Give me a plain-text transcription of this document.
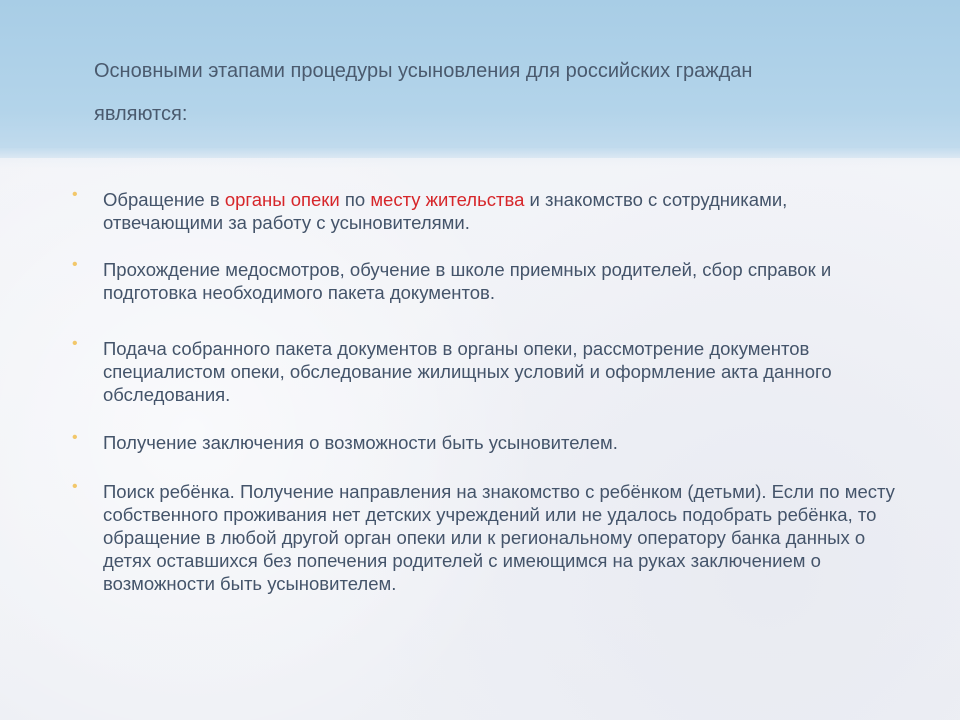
Основными этапами процедуры усыновления для российских граждан являются:
• Обращение в органы опеки по месту жительства и знакомство с сотрудниками, отвечающими за работу с усыновителями.
• Прохождение медосмотров, обучение в школе приемных родителей, сбор справок и подготовка необходимого пакета документов.
• Подача собранного пакета документов в органы опеки, рассмотрение документов специалистом опеки, обследование жилищных условий и оформление акта данного обследования.
• Получение заключения о возможности быть усыновителем.
• Поиск ребёнка. Получение направления на знакомство с ребёнком (детьми). Если по месту собственного проживания нет детских учреждений или не удалось подобрать ребёнка, то обращение в любой другой орган опеки или к региональному оператору банка данных о детях оставшихся без попечения родителей с имеющимся на руках заключением о возможности быть усыновителем.
